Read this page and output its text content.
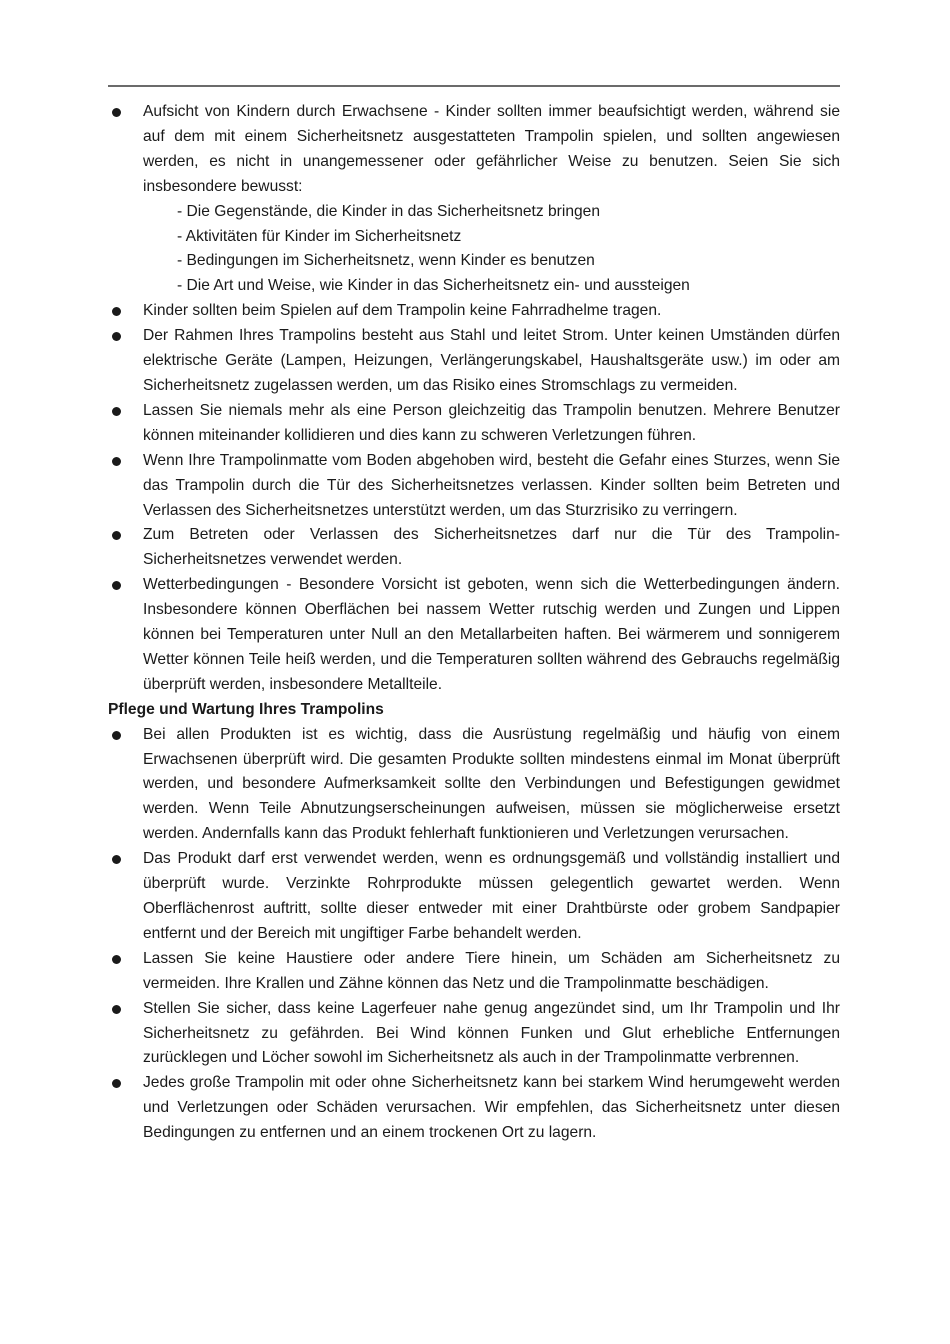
Aufsicht von Kindern durch Erwachsene - Kinder sollten immer beaufsichtigt werden, während sie auf dem mit einem Sicherheitsnetz ausgestatteten Trampolin spielen, und sollten angewiesen werden, es nicht in unangemessener oder gefährlicher Weise zu benutzen. Seien Sie sich insbesondere bewusst:
- Die Gegenstände, die Kinder in das Sicherheitsnetz bringen
- Aktivitäten für Kinder im Sicherheitsnetz
- Bedingungen im Sicherheitsnetz, wenn Kinder es benutzen
- Die Art und Weise, wie Kinder in das Sicherheitsnetz ein- und aussteigen
Kinder sollten beim Spielen auf dem Trampolin keine Fahrradhelme tragen.
Der Rahmen Ihres Trampolins besteht aus Stahl und leitet Strom. Unter keinen Umständen dürfen elektrische Geräte (Lampen, Heizungen, Verlängerungskabel, Haushaltsgeräte usw.) im oder am Sicherheitsnetz zugelassen werden, um das Risiko eines Stromschlags zu vermeiden.
Lassen Sie niemals mehr als eine Person gleichzeitig das Trampolin benutzen. Mehrere Benutzer können miteinander kollidieren und dies kann zu schweren Verletzungen führen.
Wenn Ihre Trampolinmatte vom Boden abgehoben wird, besteht die Gefahr eines Sturzes, wenn Sie das Trampolin durch die Tür des Sicherheitsnetzes verlassen. Kinder sollten beim Betreten und Verlassen des Sicherheitsnetzes unterstützt werden, um das Sturzrisiko zu verringern.
Zum Betreten oder Verlassen des Sicherheitsnetzes darf nur die Tür des Trampolin-Sicherheitsnetzes verwendet werden.
Wetterbedingungen - Besondere Vorsicht ist geboten, wenn sich die Wetterbedingungen ändern. Insbesondere können Oberflächen bei nassem Wetter rutschig werden und Zungen und Lippen können bei Temperaturen unter Null an den Metallarbeiten haften. Bei wärmerem und sonnigerem Wetter können Teile heiß werden, und die Temperaturen sollten während des Gebrauchs regelmäßig überprüft werden, insbesondere Metallteile.
Pflege und Wartung Ihres Trampolins
Bei allen Produkten ist es wichtig, dass die Ausrüstung regelmäßig und häufig von einem Erwachsenen überprüft wird. Die gesamten Produkte sollten mindestens einmal im Monat überprüft werden, und besondere Aufmerksamkeit sollte den Verbindungen und Befestigungen gewidmet werden. Wenn Teile Abnutzungserscheinungen aufweisen, müssen sie möglicherweise ersetzt werden. Andernfalls kann das Produkt fehlerhaft funktionieren und Verletzungen verursachen.
Das Produkt darf erst verwendet werden, wenn es ordnungsgemäß und vollständig installiert und überprüft wurde. Verzinkte Rohrprodukte müssen gelegentlich gewartet werden. Wenn Oberflächenrost auftritt, sollte dieser entweder mit einer Drahtbürste oder grobem Sandpapier entfernt und der Bereich mit ungiftiger Farbe behandelt werden.
Lassen Sie keine Haustiere oder andere Tiere hinein, um Schäden am Sicherheitsnetz zu vermeiden. Ihre Krallen und Zähne können das Netz und die Trampolinmatte beschädigen.
Stellen Sie sicher, dass keine Lagerfeuer nahe genug angezündet sind, um Ihr Trampolin und Ihr Sicherheitsnetz zu gefährden. Bei Wind können Funken und Glut erhebliche Entfernungen zurücklegen und Löcher sowohl im Sicherheitsnetz als auch in der Trampolinmatte verbrennen.
Jedes große Trampolin mit oder ohne Sicherheitsnetz kann bei starkem Wind herumgeweht werden und Verletzungen oder Schäden verursachen. Wir empfehlen, das Sicherheitsnetz unter diesen Bedingungen zu entfernen und an einem trockenen Ort zu lagern.
